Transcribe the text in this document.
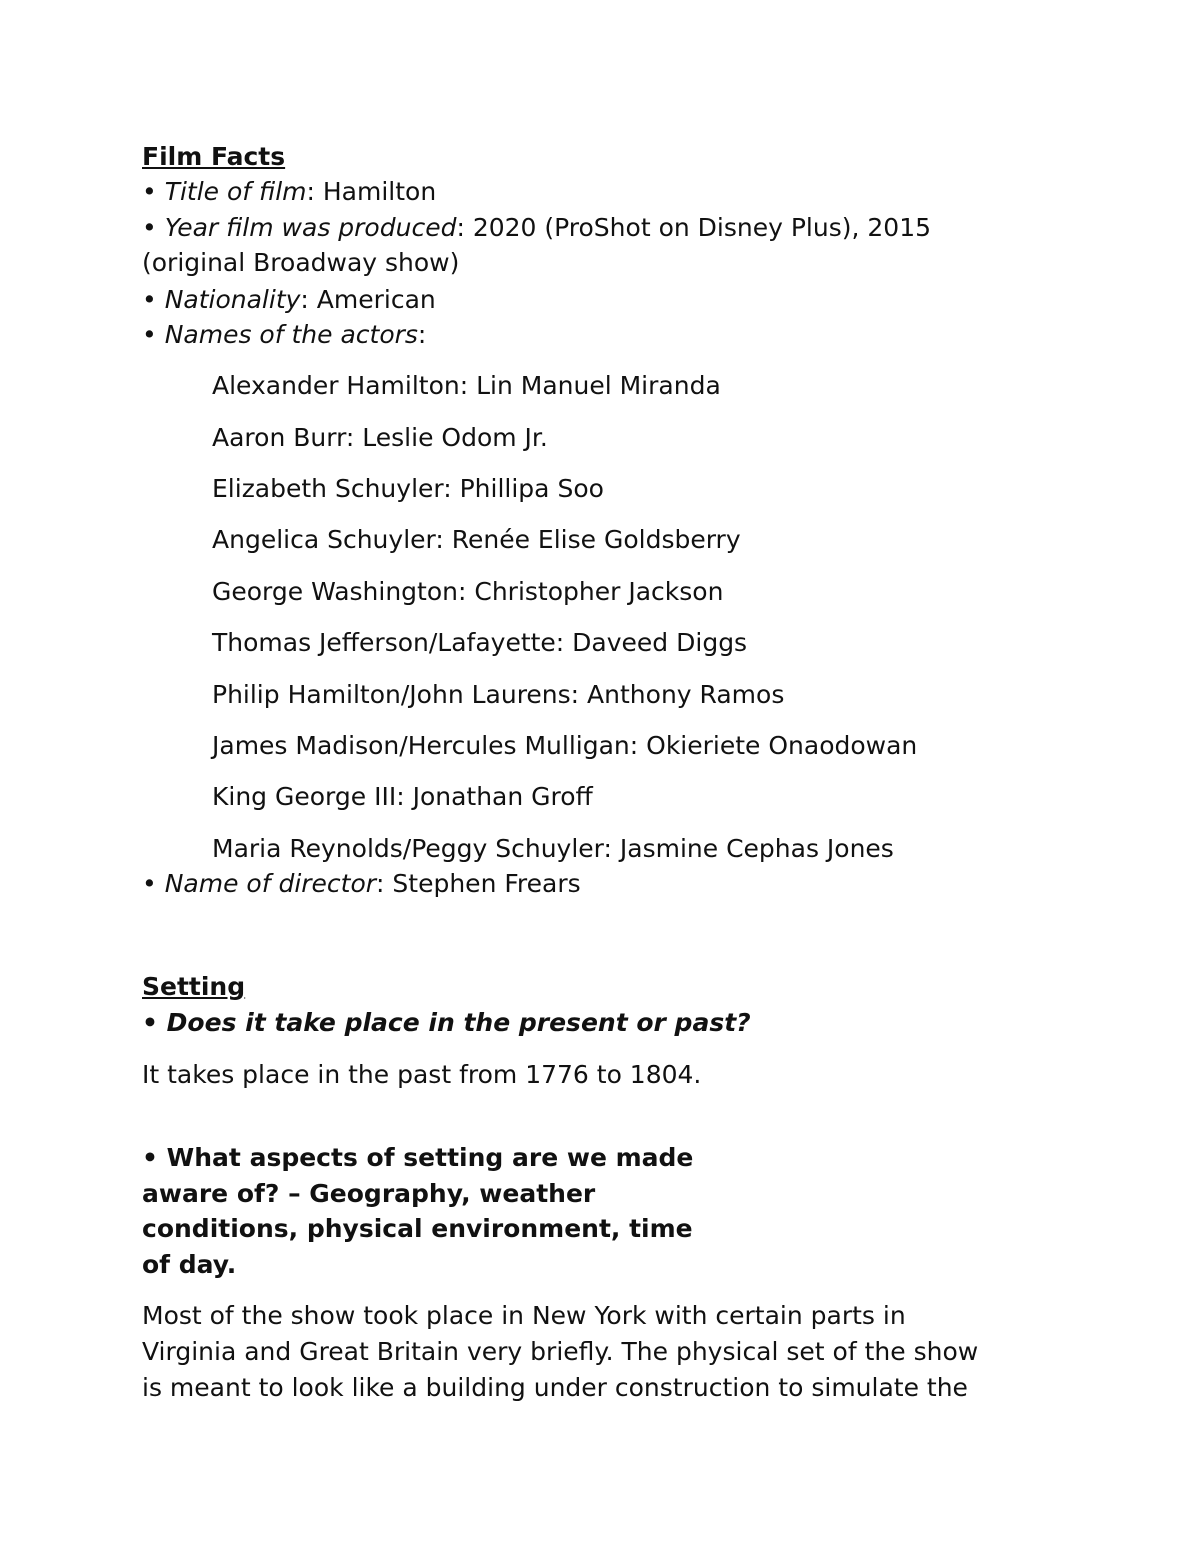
Film Facts
• Title of film: Hamilton
• Year film was produced: 2020 (ProShot on Disney Plus), 2015
(original Broadway show)
• Nationality: American
• Names of the actors:
Alexander Hamilton: Lin Manuel Miranda
Aaron Burr: Leslie Odom Jr.
Elizabeth Schuyler: Phillipa Soo
Angelica Schuyler: Renée Elise Goldsberry
George Washington: Christopher Jackson
Thomas Jefferson/Lafayette: Daveed Diggs
Philip Hamilton/John Laurens: Anthony Ramos
James Madison/Hercules Mulligan: Okieriete Onaodowan
King George III: Jonathan Groff
Maria Reynolds/Peggy Schuyler: Jasmine Cephas Jones
• Name of director: Stephen Frears
Setting
• Does it take place in the present or past?
It takes place in the past from 1776 to 1804.
• What aspects of setting are we made
aware of? – Geography, weather
conditions, physical environment, time
of day.
Most of the show took place in New York with certain parts in
Virginia and Great Britain very briefly. The physical set of the show
is meant to look like a building under construction to simulate the
